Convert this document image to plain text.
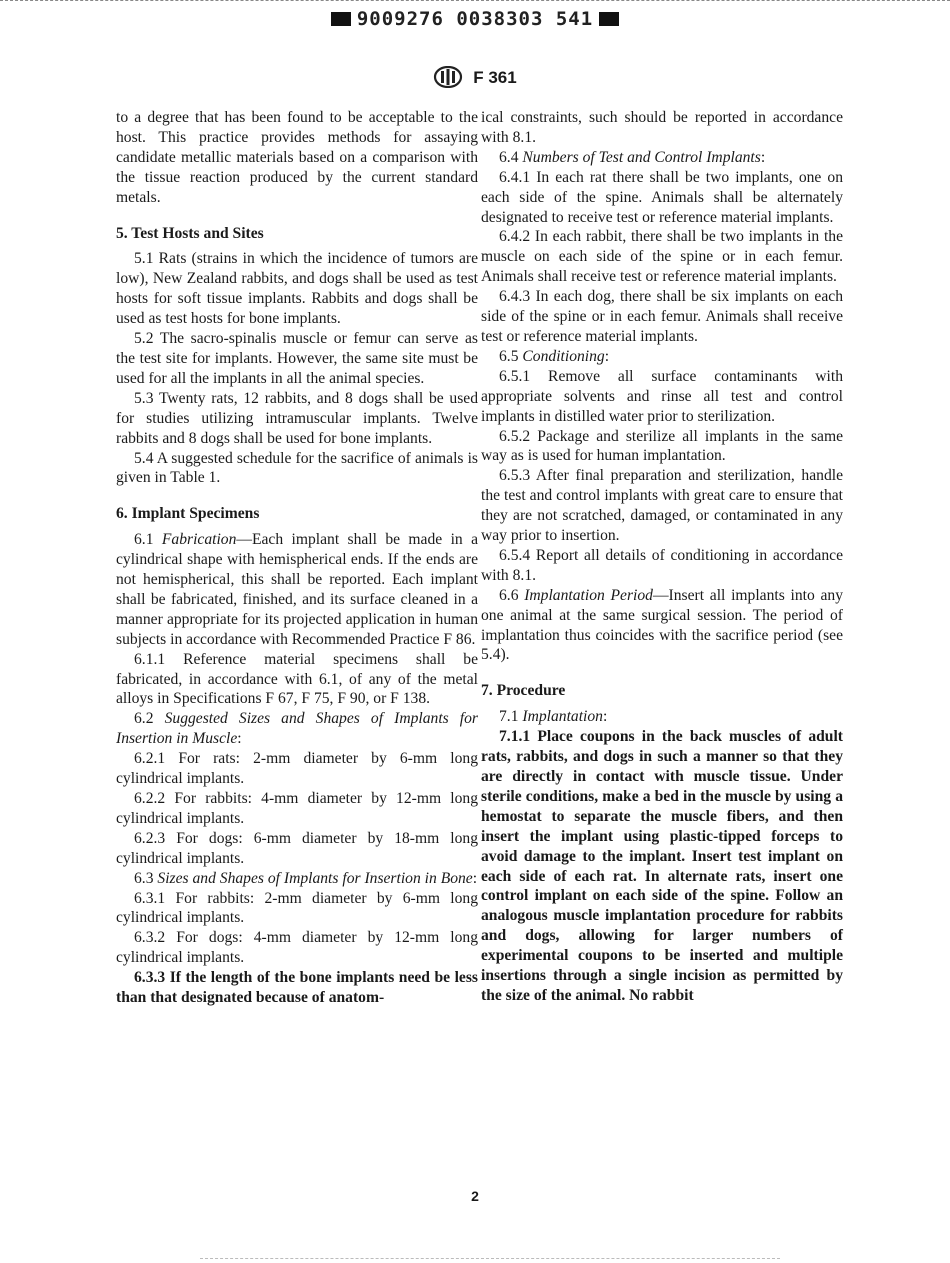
9009276 0038303 541
F 361

to a degree that has been found to be acceptable to the host. This practice provides methods for assaying candidate metallic materials based on a comparison with the tissue reaction produced by the current standard metals.

5. Test Hosts and Sites

5.1 Rats (strains in which the incidence of tumors are low), New Zealand rabbits, and dogs shall be used as test hosts for soft tissue implants. Rabbits and dogs shall be used as test hosts for bone implants.

5.2 The sacro-spinalis muscle or femur can serve as the test site for implants. However, the same site must be used for all the implants in all the animal species.

5.3 Twenty rats, 12 rabbits, and 8 dogs shall be used for studies utilizing intramuscular implants. Twelve rabbits and 8 dogs shall be used for bone implants.

5.4 A suggested schedule for the sacrifice of animals is given in Table 1.

6. Implant Specimens

6.1 Fabrication—Each implant shall be made in a cylindrical shape with hemispherical ends. If the ends are not hemispherical, this shall be reported. Each implant shall be fabricated, finished, and its surface cleaned in a manner appropriate for its projected application in human subjects in accordance with Recommended Practice F 86.

6.1.1 Reference material specimens shall be fabricated, in accordance with 6.1, of any of the metal alloys in Specifications F 67, F 75, F 90, or F 138.

6.2 Suggested Sizes and Shapes of Implants for Insertion in Muscle:

6.2.1 For rats: 2-mm diameter by 6-mm long cylindrical implants.

6.2.2 For rabbits: 4-mm diameter by 12-mm long cylindrical implants.

6.2.3 For dogs: 6-mm diameter by 18-mm long cylindrical implants.

6.3 Sizes and Shapes of Implants for Insertion in Bone:

6.3.1 For rabbits: 2-mm diameter by 6-mm long cylindrical implants.

6.3.2 For dogs: 4-mm diameter by 12-mm long cylindrical implants.

6.3.3 If the length of the bone implants need be less than that designated because of anatom-

ical constraints, such should be reported in accordance with 8.1.

6.4 Numbers of Test and Control Implants:

6.4.1 In each rat there shall be two implants, one on each side of the spine. Animals shall be alternately designated to receive test or reference material implants.

6.4.2 In each rabbit, there shall be two implants in the muscle on each side of the spine or in each femur. Animals shall receive test or reference material implants.

6.4.3 In each dog, there shall be six implants on each side of the spine or in each femur. Animals shall receive test or reference material implants.

6.5 Conditioning:

6.5.1 Remove all surface contaminants with appropriate solvents and rinse all test and control implants in distilled water prior to sterilization.

6.5.2 Package and sterilize all implants in the same way as is used for human implantation.

6.5.3 After final preparation and sterilization, handle the test and control implants with great care to ensure that they are not scratched, damaged, or contaminated in any way prior to insertion.

6.5.4 Report all details of conditioning in accordance with 8.1.

6.6 Implantation Period—Insert all implants into any one animal at the same surgical session. The period of implantation thus coincides with the sacrifice period (see 5.4).

7. Procedure

7.1 Implantation:

7.1.1 Place coupons in the back muscles of adult rats, rabbits, and dogs in such a manner so that they are directly in contact with muscle tissue. Under sterile conditions, make a bed in the muscle by using a hemostat to separate the muscle fibers, and then insert the implant using plastic-tipped forceps to avoid damage to the implant. Insert test implant on each side of each rat. In alternate rats, insert one control implant on each side of the spine. Follow an analogous muscle implantation procedure for rabbits and dogs, allowing for larger numbers of experimental coupons to be inserted and multiple insertions through a single incision as permitted by the size of the animal. No rabbit

2
